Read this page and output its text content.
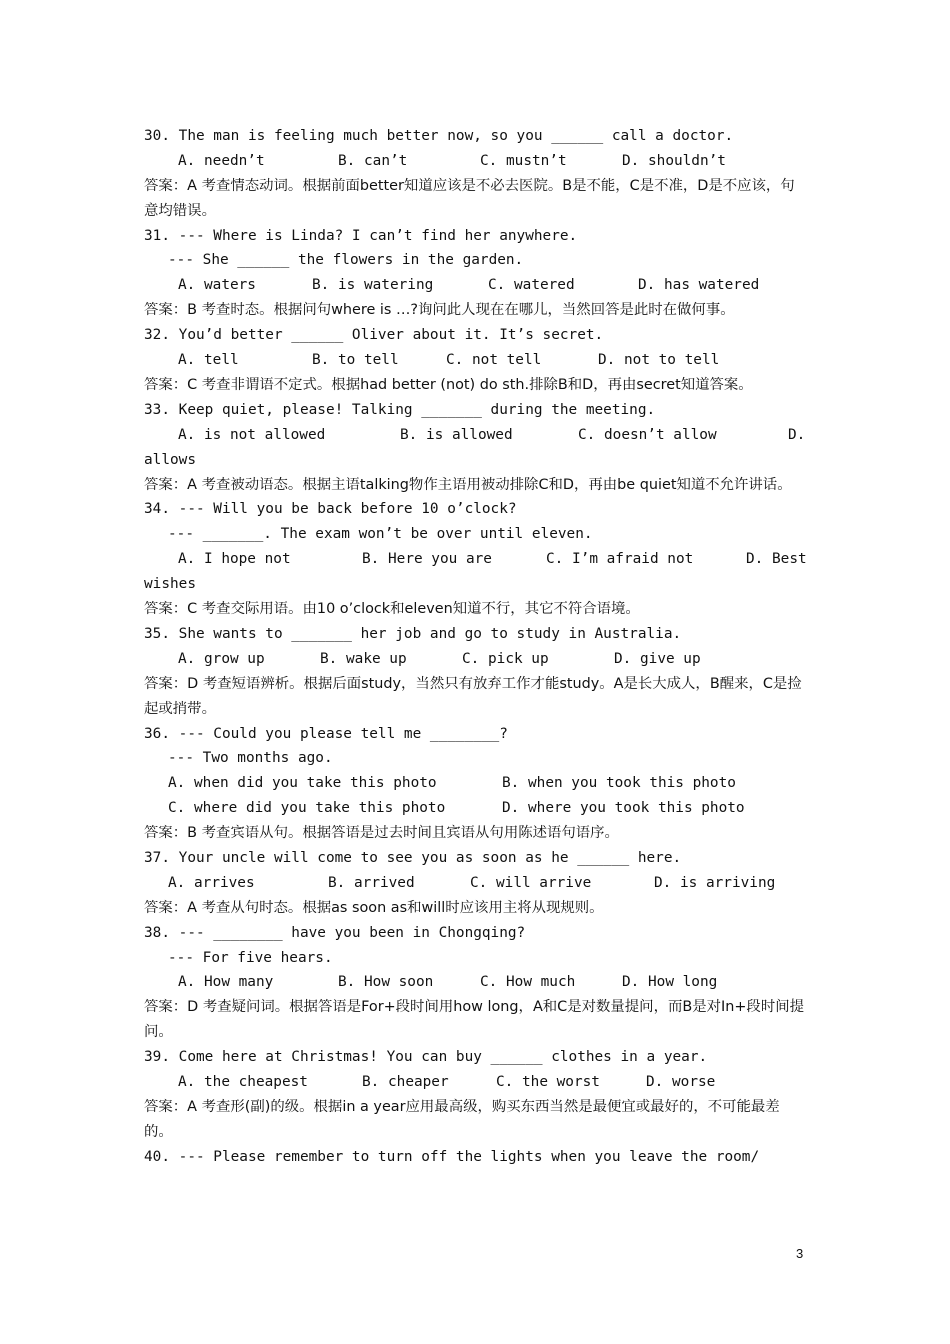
30. The man is feeling much better now, so you ______ call a doctor.
A. needn’t	B. can’t	C. mustn’t	D. shouldn’t
答案：A 考查情态动词。根据前面better知道应该是不必去医院。B是不能，C是不准，D是不应该，句意均错误。
31. --- Where is Linda? I can’t find her anywhere.
--- She ______ the flowers in the garden.
A. waters	B. is watering	C. watered	D. has watered
答案：B 考查时态。根据问句where is …?询问此人现在在哪儿，当然回答是此时在做何事。
32. You’d better ______ Oliver about it. It’s secret.
A. tell	B. to tell	C. not tell	D. not to tell
答案：C 考查非谓语不定式。根据had better (not) do sth.排除B和D，再由secret知道答案。
33. Keep quiet, please! Talking _______ during the meeting.
A. is not allowed	B. is allowed	C. doesn’t allow	D.
allows
答案：A 考查被动语态。根据主语talking物作主语用被动排除C和D，再由be quiet知道不允许讲话。
34. --- Will you be back before 10 o’clock?
--- _______. The exam won’t be over until eleven.
A. I hope not	B. Here you are	C. I’m afraid not	D. Best
wishes
答案：C 考查交际用语。由10 o’clock和eleven知道不行，其它不符合语境。
35. She wants to _______ her job and go to study in Australia.
A. grow up	B. wake up	C. pick up	D. give up
答案：D 考查短语辨析。根据后面study，当然只有放弃工作才能study。A是长大成人，B醒来，C是捡起或捎带。
36. --- Could you please tell me ________?
--- Two months ago.
A. when did you take this photo	B. when you took this photo
C. where did you take this photo	D. where you took this photo
答案：B 考查宾语从句。根据答语是过去时间且宾语从句用陈述语句语序。
37. Your uncle will come to see you as soon as he ______ here.
A. arrives	B. arrived	C. will arrive	D. is arriving
答案：A 考查从句时态。根据as soon as和will时应该用主将从现规则。
38. --- ________ have you been in Chongqing?
--- For five hears.
A. How many	B. How soon	C. How much	D. How long
答案：D 考查疑问词。根据答语是For+段时间用how long，A和C是对数量提问，而B是对In+段时间提问。
39. Come here at Christmas! You can buy ______ clothes in a year.
A. the cheapest	B. cheaper	C. the worst	D. worse
答案：A 考查形(副)的级。根据in a year应用最高级，购买东西当然是最便宜或最好的，不可能最差的。
40. --- Please remember to turn off the lights when you leave the room/
3
